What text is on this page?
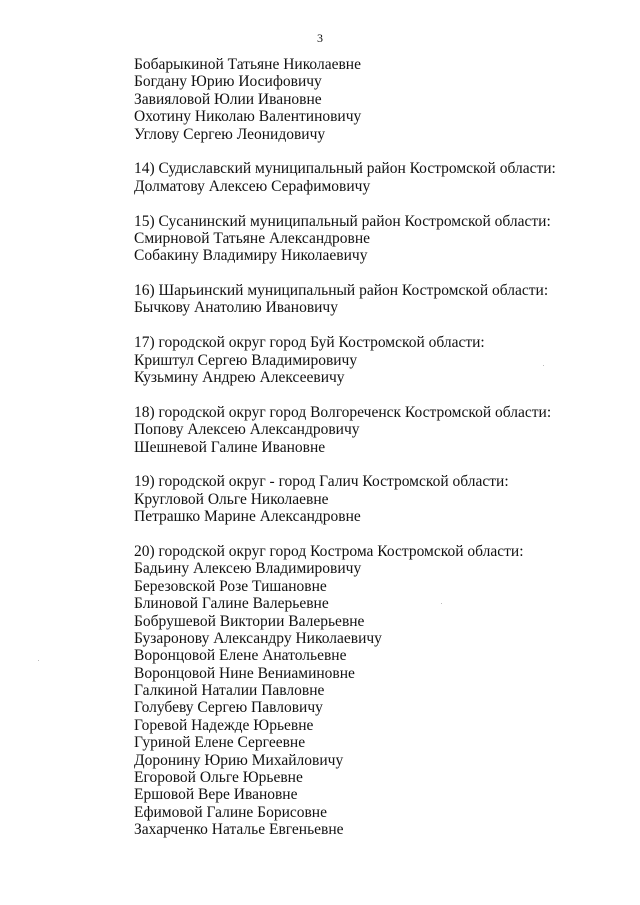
3
Бобарыкиной Татьяне Николаевне
Богдану Юрию Иосифовичу
Завияловой Юлии Ивановне
Охотину Николаю Валентиновичу
Углову Сергею Леонидовичу
14) Судиславский муниципальный район Костромской области:
Долматову Алексею Серафимовичу
15) Сусанинский муниципальный район Костромской области:
Смирновой Татьяне Александровне
Собакину Владимиру Николаевичу
16) Шарьинский муниципальный район Костромской области:
Бычкову Анатолию Ивановичу
17) городской округ город Буй Костромской области:
Криштул Сергею Владимировичу
Кузьмину Андрею Алексеевичу
18) городской округ город Волгореченск Костромской области:
Попову Алексею Александровичу
Шешневой Галине Ивановне
19) городской округ - город Галич Костромской области:
Кругловой Ольге Николаевне
Петрашко Марине Александровне
20) городской округ город Кострома Костромской области:
Бадьину Алексею Владимировичу
Березовской Розе Тишановне
Блиновой Галине Валерьевне
Бобрушевой Виктории Валерьевне
Бузаронову Александру Николаевичу
Воронцовой Елене Анатольевне
Воронцовой Нине Вениаминовне
Галкиной Наталии Павловне
Голубеву Сергею Павловичу
Горевой Надежде Юрьевне
Гуриной Елене Сергеевне
Доронину Юрию Михайловичу
Егоровой Ольге Юрьевне
Ершовой Вере Ивановне
Ефимовой Галине Борисовне
Захарченко Наталье Евгеньевне
